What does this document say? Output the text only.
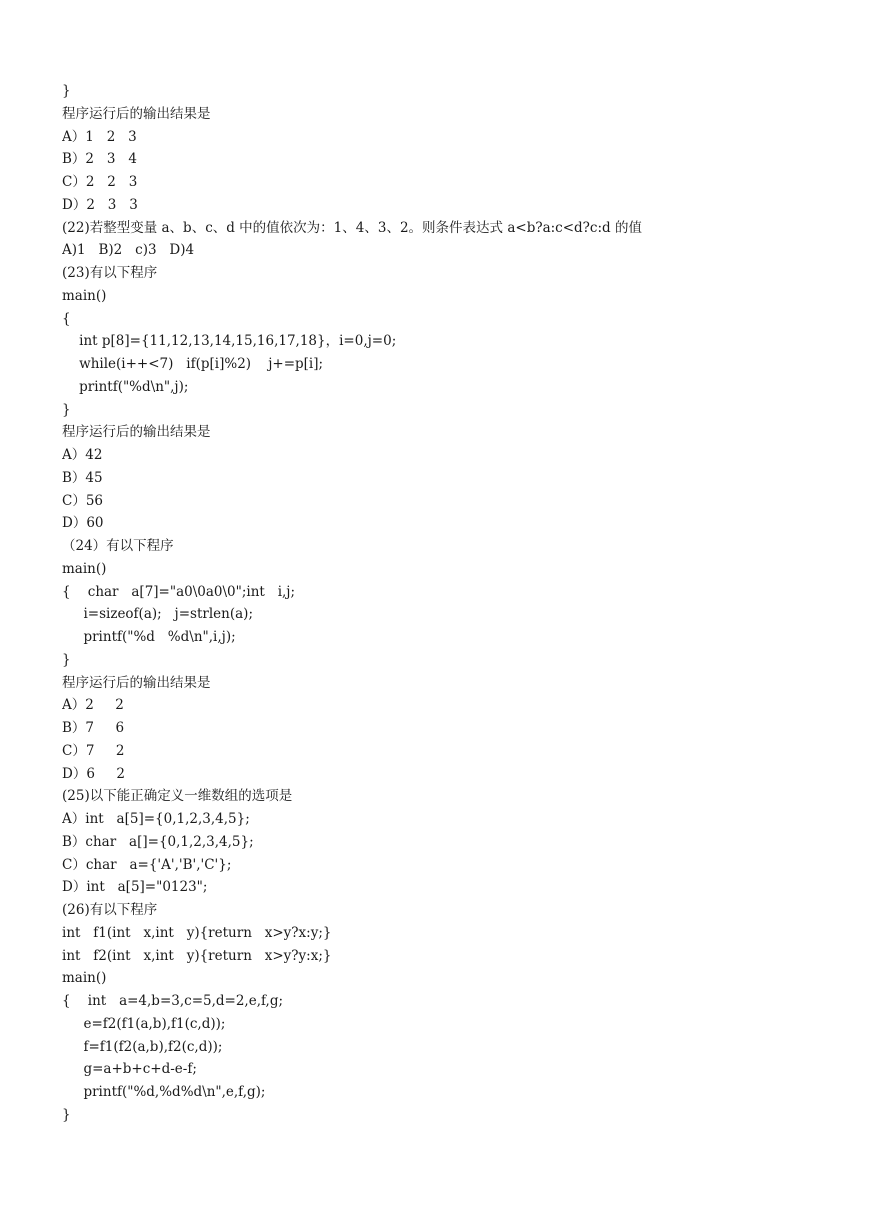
}
程序运行后的输出结果是
A）1   2   3
B）2   3   4
C）2   2   3
D）2   3   3
(22)若整型变量 a、b、c、d 中的值依次为：1、4、3、2。则条件表达式 a<b?a:c<d?c:d 的值
A)1   B)2   c)3   D)4
(23)有以下程序
main()
{
int p[8]={11,12,13,14,15,16,17,18}，i=0,j=0;
while(i++<7)   if(p[i]%2)    j+=p[i];
printf("%d\n",j);
}
程序运行后的输出结果是
A）42
B）45
C）56
D）60
（24）有以下程序
main()
{    char   a[7]="a0\0a0\0";int   i,j;
i=sizeof(a);   j=strlen(a);
printf("%d   %d\n",i,j);
}
程序运行后的输出结果是
A）2     2
B）7     6
C）7     2
D）6     2
(25)以下能正确定义一维数组的选项是
A）int   a[5]={0,1,2,3,4,5};
B）char   a[]={0,1,2,3,4,5};
C）char   a={'A','B','C'};
D）int   a[5]="0123";
(26)有以下程序
int   f1(int   x,int   y){return   x>y?x:y;}
int   f2(int   x,int   y){return   x>y?y:x;}
main()
{    int   a=4,b=3,c=5,d=2,e,f,g;
e=f2(f1(a,b),f1(c,d));
f=f1(f2(a,b),f2(c,d));
g=a+b+c+d-e-f;
printf("%d,%d%d\n",e,f,g);
}
